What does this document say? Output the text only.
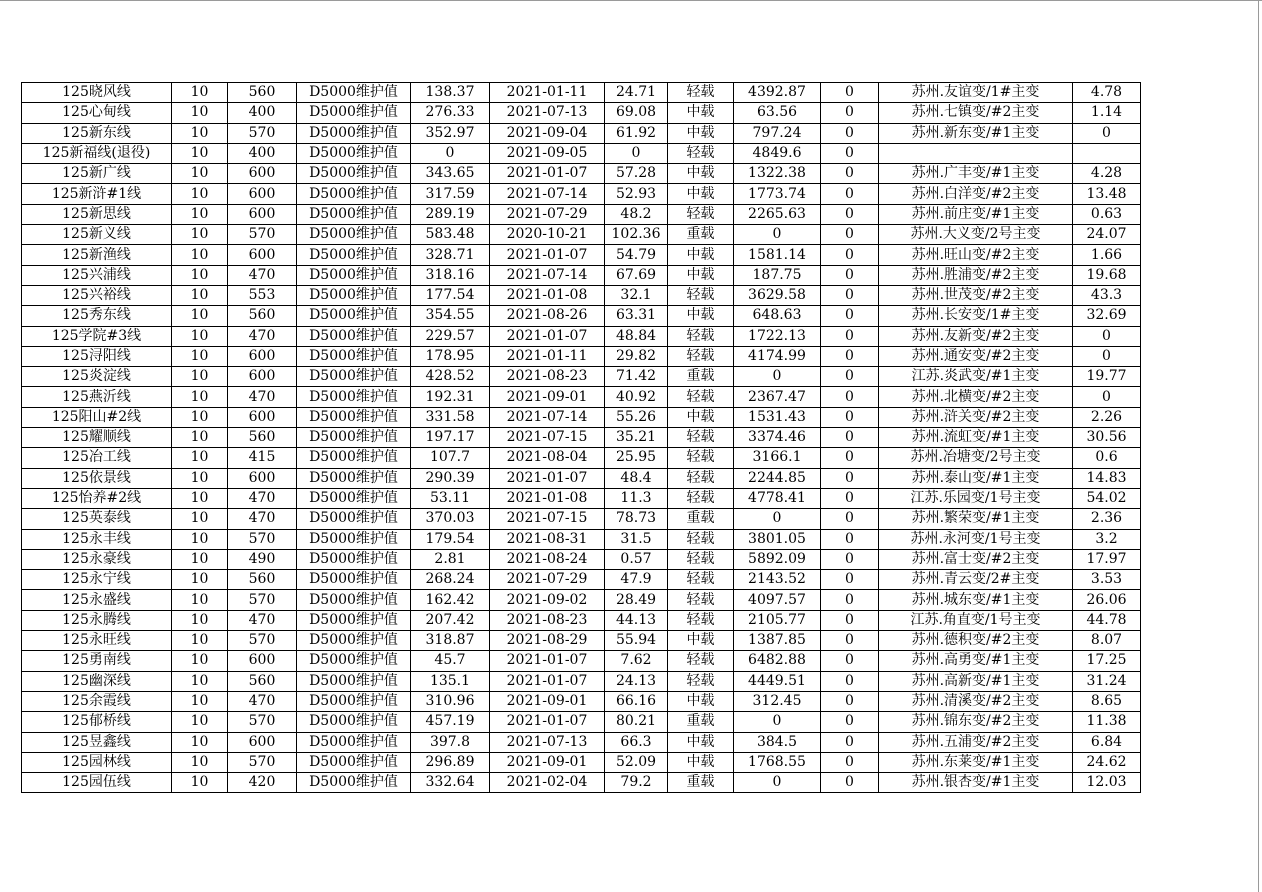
125晓风线	10	560	D5000维护值	138.37	2021-01-11	24.71	轻载	4392.87	0	苏州.友谊变/1#主变	4.78
125心甸线	10	400	D5000维护值	276.33	2021-07-13	69.08	中载	63.56	0	苏州.七镇变/#2主变	1.14
125新东线	10	570	D5000维护值	352.97	2021-09-04	61.92	中载	797.24	0	苏州.新东变/#1主变	0
125新福线(退役)	10	400	D5000维护值	0	2021-09-05	0	轻载	4849.6	0		
125新广线	10	600	D5000维护值	343.65	2021-01-07	57.28	中载	1322.38	0	苏州.广丰变/#1主变	4.28
125新浒#1线	10	600	D5000维护值	317.59	2021-07-14	52.93	中载	1773.74	0	苏州.白洋变/#2主变	13.48
125新思线	10	600	D5000维护值	289.19	2021-07-29	48.2	轻载	2265.63	0	苏州.前庄变/#1主变	0.63
125新义线	10	570	D5000维护值	583.48	2020-10-21	102.36	重载	0	0	苏州.大义变/2号主变	24.07
125新渔线	10	600	D5000维护值	328.71	2021-01-07	54.79	中载	1581.14	0	苏州.旺山变/#2主变	1.66
125兴浦线	10	470	D5000维护值	318.16	2021-07-14	67.69	中载	187.75	0	苏州.胜浦变/#2主变	19.68
125兴裕线	10	553	D5000维护值	177.54	2021-01-08	32.1	轻载	3629.58	0	苏州.世茂变/#2主变	43.3
125秀东线	10	560	D5000维护值	354.55	2021-08-26	63.31	中载	648.63	0	苏州.长安变/1#主变	32.69
125学院#3线	10	470	D5000维护值	229.57	2021-01-07	48.84	轻载	1722.13	0	苏州.友新变/#2主变	0
125浔阳线	10	600	D5000维护值	178.95	2021-01-11	29.82	轻载	4174.99	0	苏州.通安变/#2主变	0
125炎淀线	10	600	D5000维护值	428.52	2021-08-23	71.42	重载	0	0	江苏.炎武变/#1主变	19.77
125燕沂线	10	470	D5000维护值	192.31	2021-09-01	40.92	轻载	2367.47	0	苏州.北横变/#2主变	0
125阳山#2线	10	600	D5000维护值	331.58	2021-07-14	55.26	中载	1531.43	0	苏州.浒关变/#2主变	2.26
125耀顺线	10	560	D5000维护值	197.17	2021-07-15	35.21	轻载	3374.46	0	苏州.流虹变/#1主变	30.56
125冶工线	10	415	D5000维护值	107.7	2021-08-04	25.95	轻载	3166.1	0	苏州.冶塘变/2号主变	0.6
125依景线	10	600	D5000维护值	290.39	2021-01-07	48.4	轻载	2244.85	0	苏州.泰山变/#1主变	14.83
125怡养#2线	10	470	D5000维护值	53.11	2021-01-08	11.3	轻载	4778.41	0	江苏.乐园变/1号主变	54.02
125英泰线	10	470	D5000维护值	370.03	2021-07-15	78.73	重载	0	0	苏州.繁荣变/#1主变	2.36
125永丰线	10	570	D5000维护值	179.54	2021-08-31	31.5	轻载	3801.05	0	苏州.永河变/1号主变	3.2
125永豪线	10	490	D5000维护值	2.81	2021-08-24	0.57	轻载	5892.09	0	苏州.富士变/#2主变	17.97
125永宁线	10	560	D5000维护值	268.24	2021-07-29	47.9	轻载	2143.52	0	苏州.青云变/2#主变	3.53
125永盛线	10	570	D5000维护值	162.42	2021-09-02	28.49	轻载	4097.57	0	苏州.城东变/#1主变	26.06
125永腾线	10	470	D5000维护值	207.42	2021-08-23	44.13	轻载	2105.77	0	江苏.角直变/1号主变	44.78
125永旺线	10	570	D5000维护值	318.87	2021-08-29	55.94	中载	1387.85	0	苏州.德积变/#2主变	8.07
125勇南线	10	600	D5000维护值	45.7	2021-01-07	7.62	轻载	6482.88	0	苏州.高勇变/#1主变	17.25
125幽深线	10	560	D5000维护值	135.1	2021-01-07	24.13	轻载	4449.51	0	苏州.高新变/#1主变	31.24
125余霞线	10	470	D5000维护值	310.96	2021-09-01	66.16	中载	312.45	0	苏州.清溪变/#2主变	8.65
125郁桥线	10	570	D5000维护值	457.19	2021-01-07	80.21	重载	0	0	苏州.锦东变/#2主变	11.38
125昱鑫线	10	600	D5000维护值	397.8	2021-07-13	66.3	中载	384.5	0	苏州.五浦变/#2主变	6.84
125园林线	10	570	D5000维护值	296.89	2021-09-01	52.09	中载	1768.55	0	苏州.东莱变/#1主变	24.62
125园伍线	10	420	D5000维护值	332.64	2021-02-04	79.2	重载	0	0	苏州.银杏变/#1主变	12.03
